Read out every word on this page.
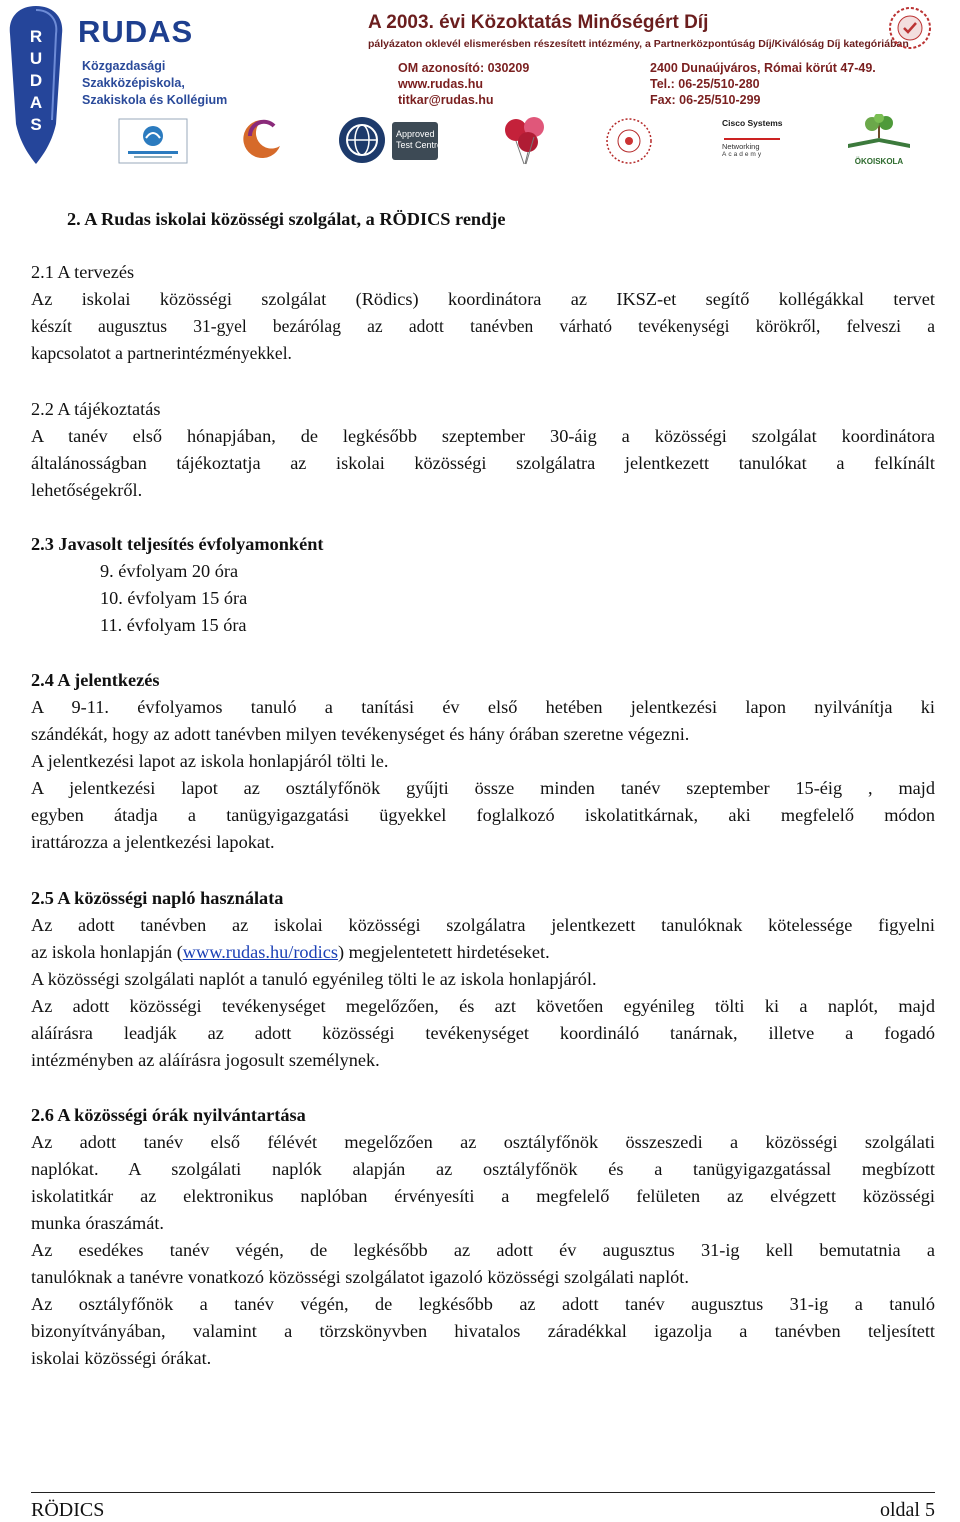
R
U
D
A
S
RUDAS
Közgazdasági
Szakközépiskola,
Szakiskola és Kollégium
A 2003. évi Közoktatás Minőségért Díj
pályázaton oklevél elismerésben részesített intézmény, a Partnerközpontúság Díj/Kiválóság Díj kategóriában
OM azonosító: 030209
www.rudas.hu
titkar@rudas.hu
2400 Dunaújváros, Római körút 47-49.
Tel.: 06-25/510-280
Fax: 06-25/510-299
Approved
Test Centre
Cisco Systems
Networking
Academy
ÖKOISKOLA
2. A Rudas iskolai közösségi szolgálat, a RÖDICS rendje
2.1 A tervezés
Az iskolai közösségi szolgálat (Rödics) koordinátora az IKSZ-et segítő kollégákkal tervet
készít augusztus 31-gyel bezárólag az adott tanévben várható tevékenységi körökről, felveszi a
kapcsolatot a partnerintézményekkel.
2.2 A tájékoztatás
A tanév első hónapjában, de legkésőbb szeptember 30-áig a közösségi szolgálat koordinátora
általánosságban tájékoztatja az iskolai közösségi szolgálatra jelentkezett tanulókat a felkínált
lehetőségekről.
2.3 Javasolt teljesítés évfolyamonként
9. évfolyam 20 óra
10. évfolyam 15 óra
11. évfolyam 15 óra
2.4 A jelentkezés
A 9-11. évfolyamos tanuló a tanítási év első hetében jelentkezési lapon nyilvánítja ki
szándékát, hogy az adott tanévben milyen tevékenységet és hány órában szeretne végezni.
A jelentkezési lapot az iskola honlapjáról tölti le.
A jelentkezési lapot az osztályfőnök gyűjti össze minden tanév szeptember 15-éig , majd
egyben átadja a tanügyigazgatási ügyekkel foglalkozó iskolatitkárnak, aki megfelelő módon
irattározza a jelentkezési lapokat.
2.5 A közösségi napló használata
Az adott tanévben az iskolai közösségi szolgálatra jelentkezett tanulóknak kötelessége figyelni
az iskola honlapján (www.rudas.hu/rodics) megjelentetett hirdetéseket.
A közösségi szolgálati naplót a tanuló egyénileg tölti le az iskola honlapjáról.
Az adott közösségi tevékenységet megelőzően, és azt követően egyénileg tölti ki a naplót, majd
aláírásra leadják az adott közösségi tevékenységet koordináló tanárnak, illetve a fogadó
intézményben az aláírásra jogosult személynek.
2.6 A közösségi órák nyilvántartása
Az adott tanév első félévét megelőzően az osztályfőnök összeszedi a közösségi szolgálati
naplókat. A szolgálati naplók alapján az osztályfőnök és a tanügyigazgatással megbízott
iskolatitkár az elektronikus naplóban érvényesíti a megfelelő felületen az elvégzett közösségi
munka óraszámát.
Az esedékes tanév végén, de legkésőbb az adott év augusztus 31-ig kell bemutatnia a
tanulóknak a tanévre vonatkozó közösségi szolgálatot igazoló közösségi szolgálati naplót.
Az osztályfőnök a tanév végén, de legkésőbb az adott tanév augusztus 31-ig a tanuló
bizonyítványában, valamint a törzskönyvben hivatalos záradékkal igazolja a tanévben teljesített
iskolai közösségi órákat.
RÖDICS	oldal 5
